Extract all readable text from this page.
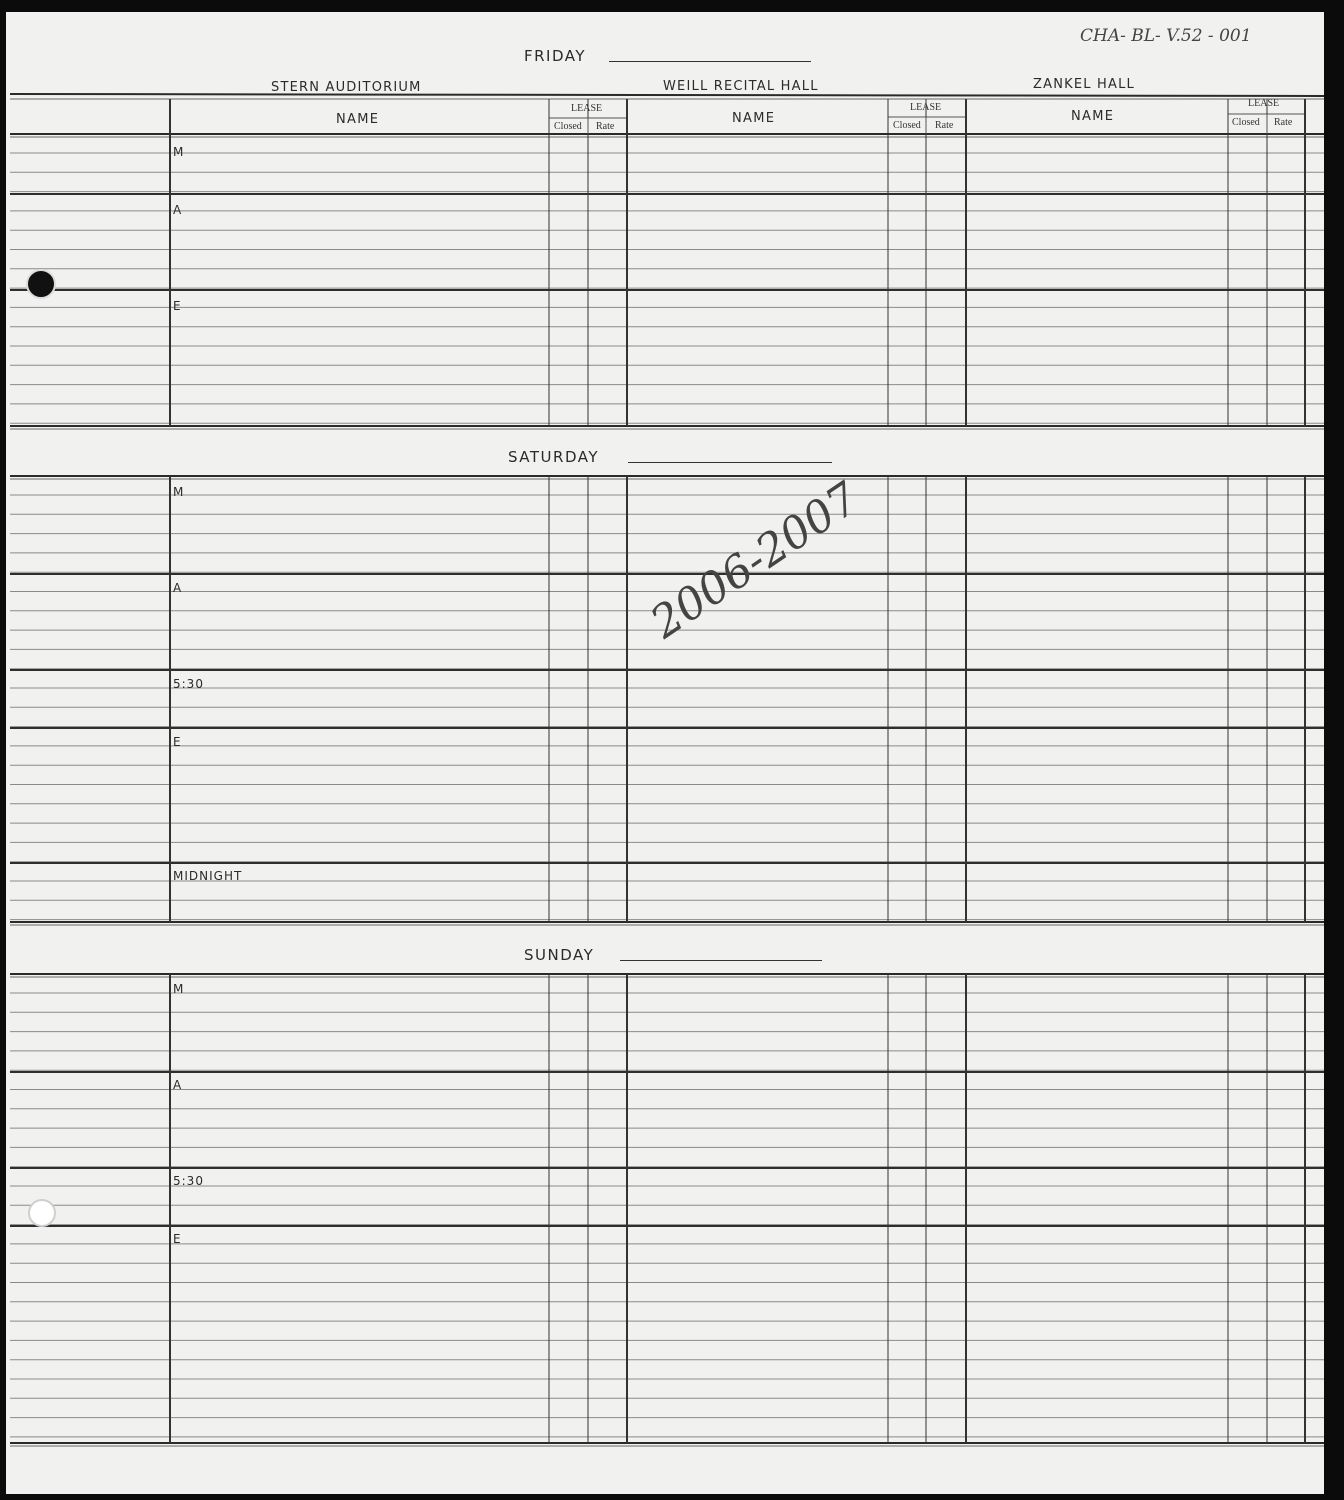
CHA- BL- V.52 - 001
FRIDAY
STERN AUDITORIUM	WEILL RECITAL HALL	ZANKEL HALL
NAME
LEASE
Closed Rate
NAME
LEASE
Closed Rate
NAME
LEASE
Closed Rate
M
A
E
SATURDAY
M
A
5:30
E
MIDNIGHT
SUNDAY
M
A
5:30
E
2006-2007
